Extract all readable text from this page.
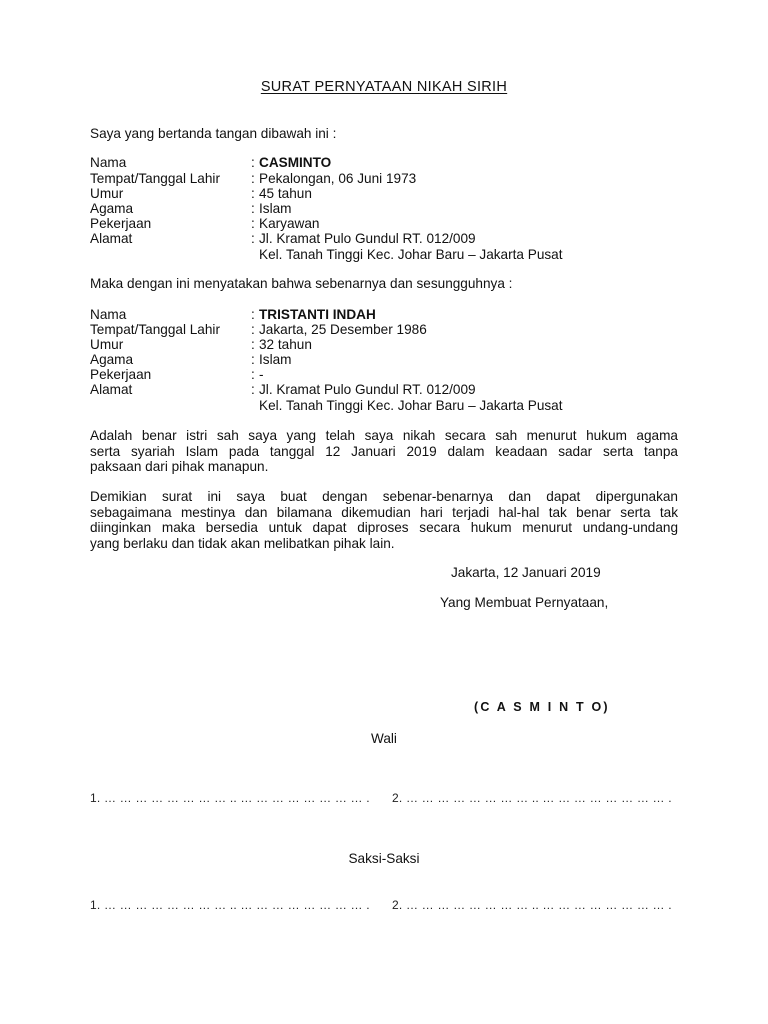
SURAT PERNYATAAN NIKAH SIRIH
Saya yang bertanda tangan dibawah ini :
Nama	: CASMINTO
Tempat/Tanggal Lahir : Pekalongan, 06 Juni 1973
Umur	: 45 tahun
Agama	: Islam
Pekerjaan	: Karyawan
Alamat	: Jl. Kramat Pulo Gundul RT. 012/009
Kel. Tanah Tinggi Kec. Johar Baru – Jakarta Pusat
Maka dengan ini menyatakan bahwa sebenarnya dan sesungguhnya :
Nama	: TRISTANTI INDAH
Tempat/Tanggal Lahir : Jakarta, 25 Desember 1986
Umur	: 32 tahun
Agama	: Islam
Pekerjaan	: -
Alamat	: Jl. Kramat Pulo Gundul RT. 012/009
Kel. Tanah Tinggi Kec. Johar Baru – Jakarta Pusat
Adalah benar istri sah saya yang telah saya nikah secara sah menurut hukum agama
serta syariah Islam pada tanggal 12 Januari 2019 dalam keadaan sadar serta tanpa
paksaan dari pihak manapun.
Demikian surat ini saya buat dengan sebenar-benarnya dan dapat dipergunakan
sebagaimana mestinya dan bilamana dikemudian hari terjadi hal-hal tak benar serta tak
diinginkan maka bersedia untuk dapat diproses secara hukum menurut undang-undang
yang berlaku dan tidak akan melibatkan pihak lain.
Jakarta, 12 Januari 2019
Yang Membuat Pernyataan,
(C A S M I N T O)
Wali
1. … … … … … … … … .. … … … … … … … … . 2. … … … … … … … … .. … … … … … … … … .
Saksi-Saksi
1. … … … … … … … … .. … … … … … … … … . 2. … … … … … … … … .. … … … … … … … … .
